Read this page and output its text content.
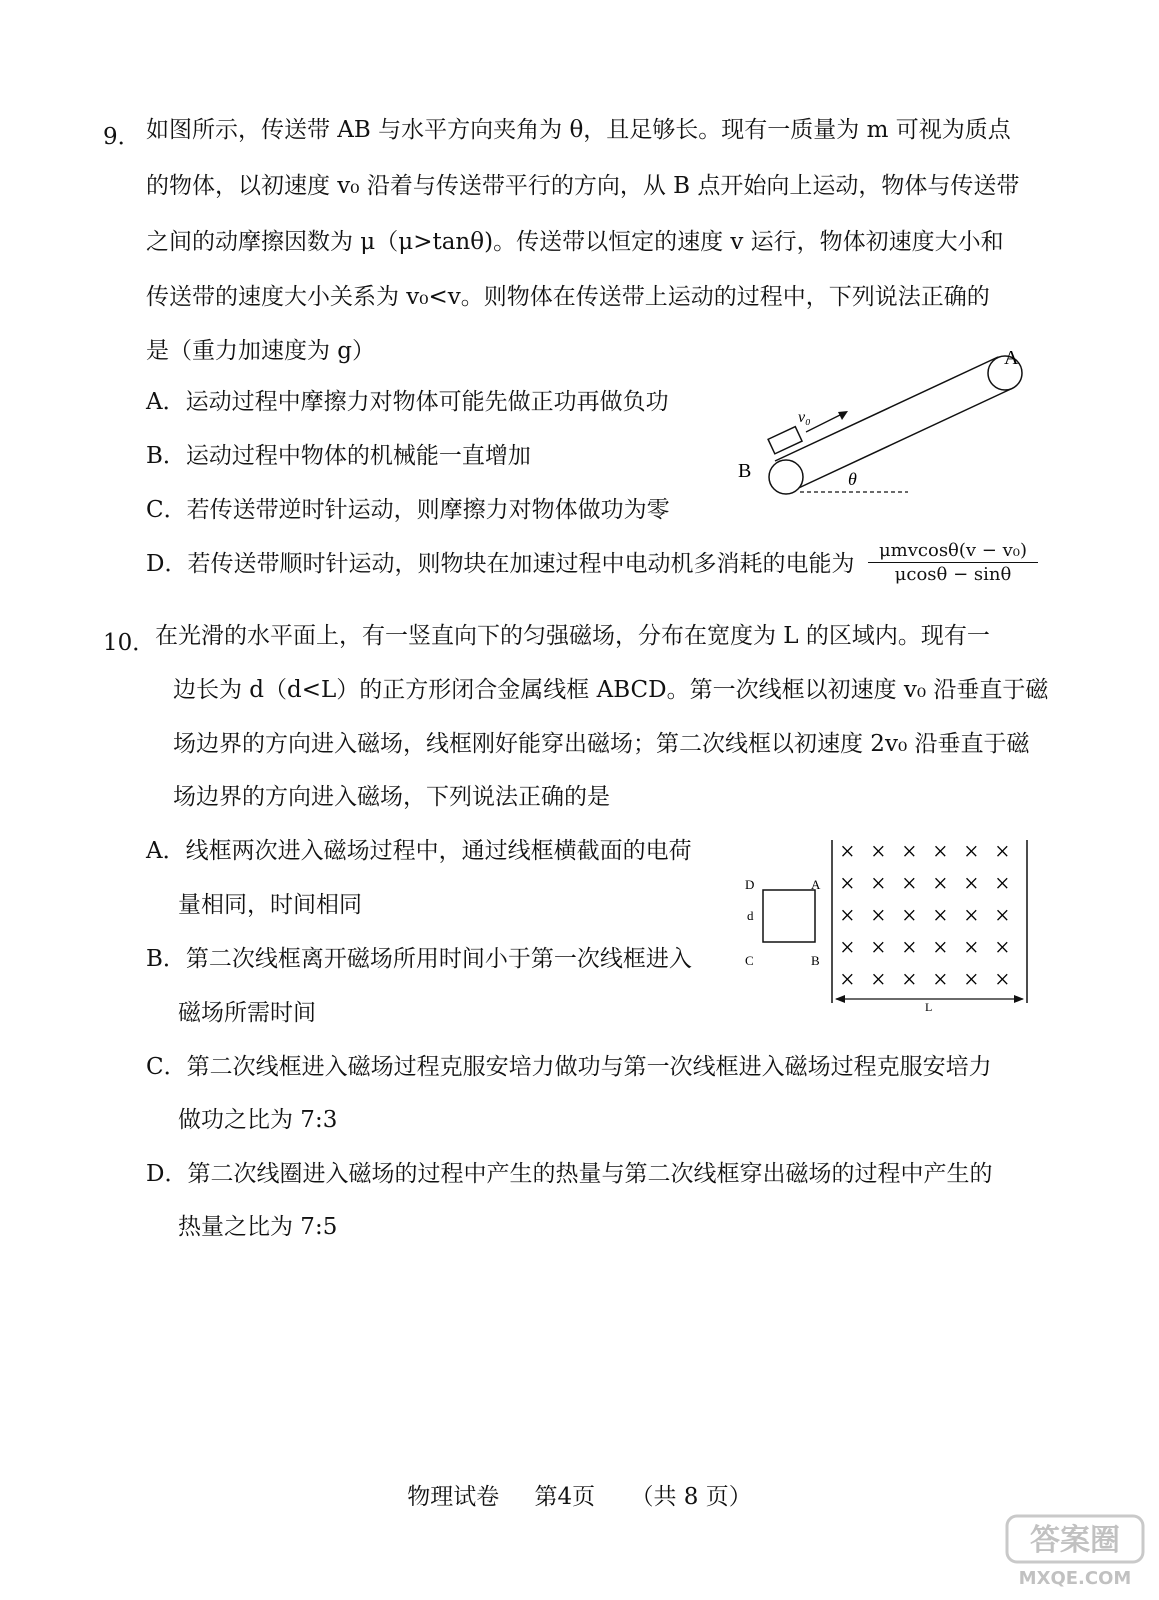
9． 如图所示，传送带 AB 与水平方向夹角为 θ，且足够长。现有一质量为 m 可视为质点
的物体，以初速度 v₀ 沿着与传送带平行的方向，从 B 点开始向上运动，物体与传送带
之间的动摩擦因数为 μ（μ>tanθ)。传送带以恒定的速度 v 运行，物体初速度大小和
传送带的速度大小关系为 v₀<v。则物体在传送带上运动的过程中，下列说法正确的
是（重力加速度为 g）
A．运动过程中摩擦力对物体可能先做正功再做负功
B．运动过程中物体的机械能一直增加
C．若传送带逆时针运动，则摩擦力对物体做功为零
D．若传送带顺时针运动，则物块在加速过程中电动机多消耗的电能为
μmvcosθ(v − v₀)
μcosθ − sinθ
v₀
θ
B
A
10． 在光滑的水平面上，有一竖直向下的匀强磁场，分布在宽度为 L 的区域内。现有一
边长为 d（d<L）的正方形闭合金属线框 ABCD。第一次线框以初速度 v₀ 沿垂直于磁
场边界的方向进入磁场，线框刚好能穿出磁场；第二次线框以初速度 2v₀ 沿垂直于磁
场边界的方向进入磁场，下列说法正确的是
A．线框两次进入磁场过程中，通过线框横截面的电荷
量相同，时间相同
B．第二次线框离开磁场所用时间小于第一次线框进入
磁场所需时间
C．第二次线框进入磁场过程克服安培力做功与第一次线框进入磁场过程克服安培力
做功之比为 7:3
D．第二次线圈进入磁场的过程中产生的热量与第二次线框穿出磁场的过程中产生的
热量之比为 7:5
D	A
C	B
d
× × × × × ×
× × × × × ×
× × × × × ×
× × × × × ×
× × × × × ×
L
物理试卷 第4页 （共 8 页）
答案圈
MXQE.COM
